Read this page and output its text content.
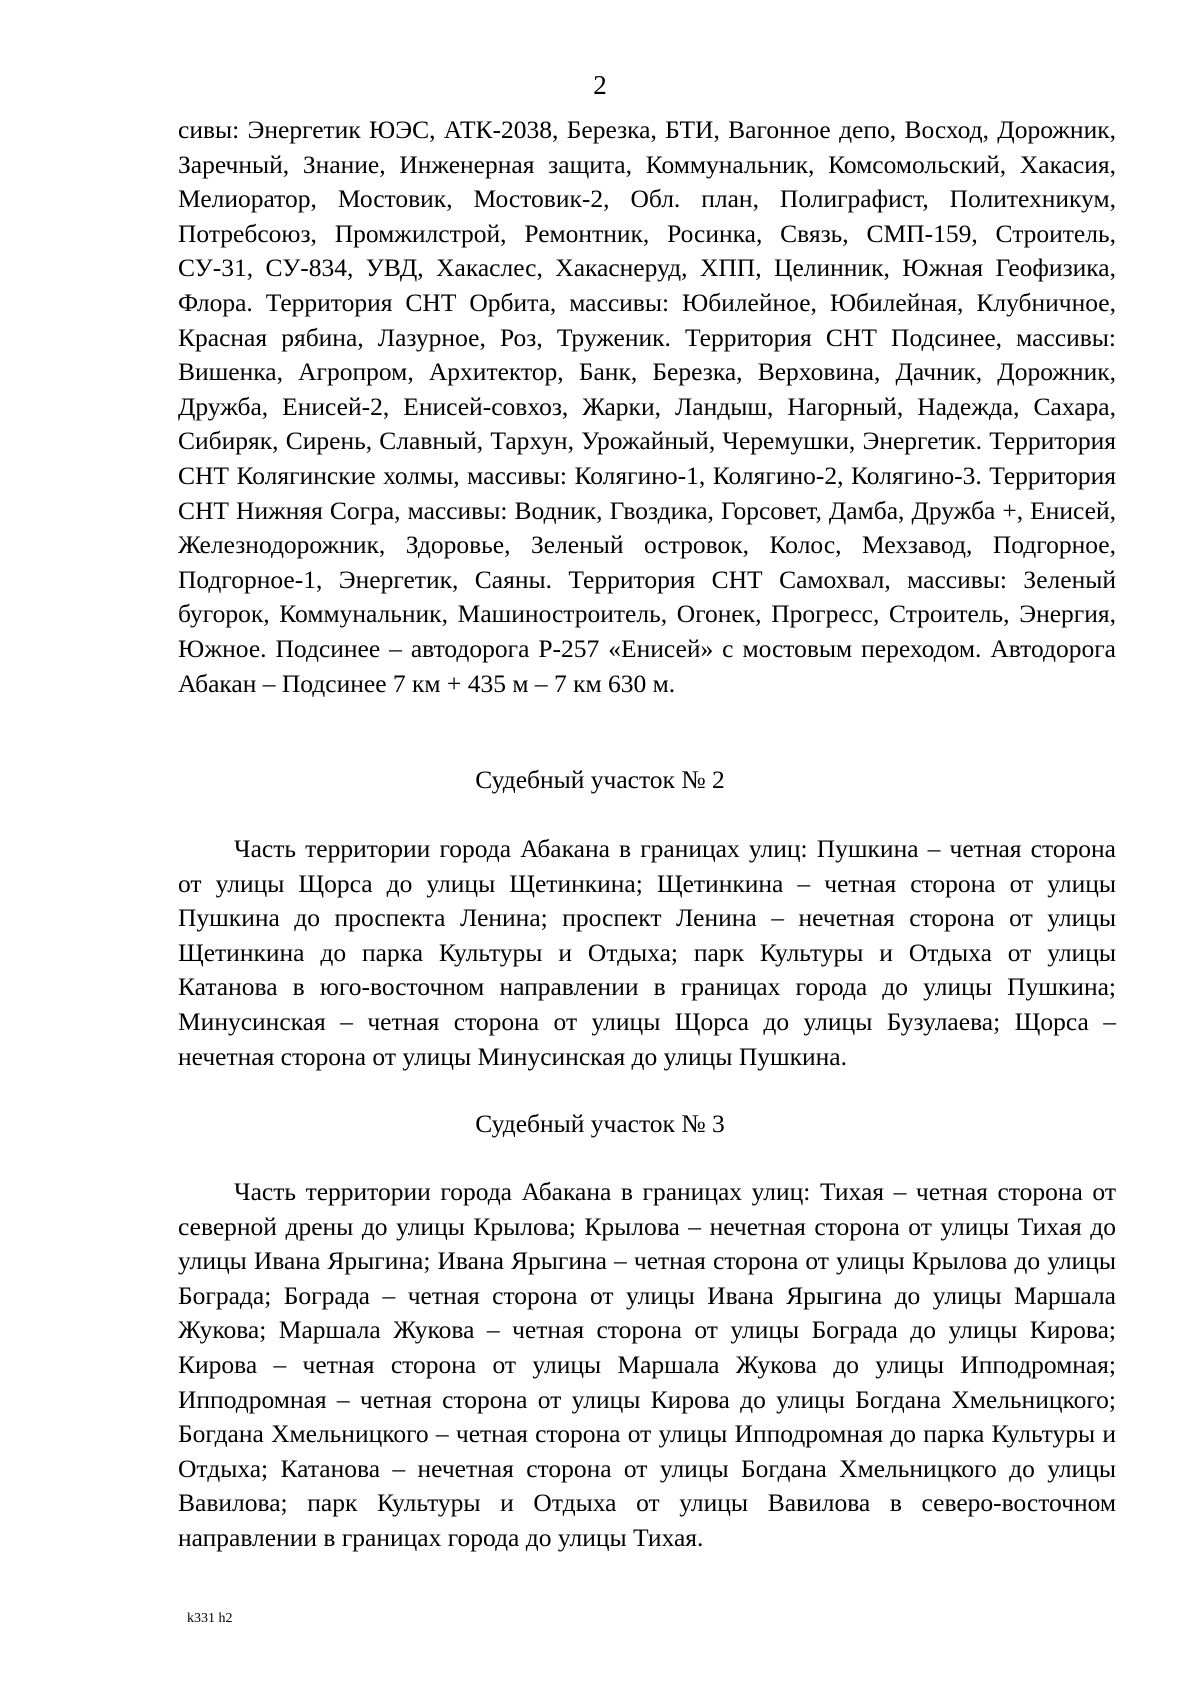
2

сивы: Энергетик ЮЭС, АТК-2038, Березка, БТИ, Вагонное депо, Восход, Дорожник, Заречный, Знание, Инженерная защита, Коммунальник, Комсомольский, Хакасия, Мелиоратор, Мостовик, Мостовик-2, Обл. план, Полиграфист, Политехникум, Потребсоюз, Промжилстрой, Ремонтник, Росинка, Связь, СМП-159, Строитель, СУ-31, СУ-834, УВД, Хакаслес, Хакаснеруд, ХПП, Целинник, Южная Геофизика, Флора. Территория СНТ Орбита, массивы: Юбилейное, Юбилейная, Клубничное, Красная рябина, Лазурное, Роз, Труженик. Территория СНТ Подсинее, массивы: Вишенка, Агропром, Архитектор, Банк, Березка, Верховина, Дачник, Дорожник, Дружба, Енисей-2, Енисей-совхоз, Жарки, Ландыш, Нагорный, Надежда, Сахара, Сибиряк, Сирень, Славный, Тархун, Урожайный, Черемушки, Энергетик. Территория СНТ Колягинские холмы, массивы: Колягино-1, Колягино-2, Колягино-3. Территория СНТ Нижняя Согра, массивы: Водник, Гвоздика, Горсовет, Дамба, Дружба +, Енисей, Железнодорожник, Здоровье, Зеленый островок, Колос, Мехзавод, Подгорное, Подгорное-1, Энергетик, Саяны. Территория СНТ Самохвал, массивы: Зеленый бугорок, Коммунальник, Машиностроитель, Огонек, Прогресс, Строитель, Энергия, Южное. Подсинее – автодорога Р-257 «Енисей» с мостовым переходом. Автодорога Абакан – Подсинее 7 км + 435 м – 7 км 630 м.

Судебный участок № 2

Часть территории города Абакана в границах улиц: Пушкина – четная сторона от улицы Щорса до улицы Щетинкина; Щетинкина – четная сторона от улицы Пушкина до проспекта Ленина; проспект Ленина – нечетная сторона от улицы Щетинкина до парка Культуры и Отдыха; парк Культуры и Отдыха от улицы Катанова в юго-восточном направлении в границах города до улицы Пушкина; Минусинская – четная сторона от улицы Щорса до улицы Бузулаева; Щорса – нечетная сторона от улицы Минусинская до улицы Пушкина.

Судебный участок № 3

Часть территории города Абакана в границах улиц: Тихая – четная сторона от северной дрены до улицы Крылова; Крылова – нечетная сторона от улицы Тихая до улицы Ивана Ярыгина; Ивана Ярыгина – четная сторона от улицы Крылова до улицы Бограда; Бограда – четная сторона от улицы Ивана Ярыгина до улицы Маршала Жукова; Маршала Жукова – четная сторона от улицы Бограда до улицы Кирова; Кирова – четная сторона от улицы Маршала Жукова до улицы Ипподромная; Ипподромная – четная сторона от улицы Кирова до улицы Богдана Хмельницкого; Богдана Хмельницкого – четная сторона от улицы Ипподромная до парка Культуры и Отдыха; Катанова – нечетная сторона от улицы Богдана Хмельницкого до улицы Вавилова; парк Культуры и Отдыха от улицы Вавилова в северо-восточном направлении в границах города до улицы Тихая.

k331 h2
